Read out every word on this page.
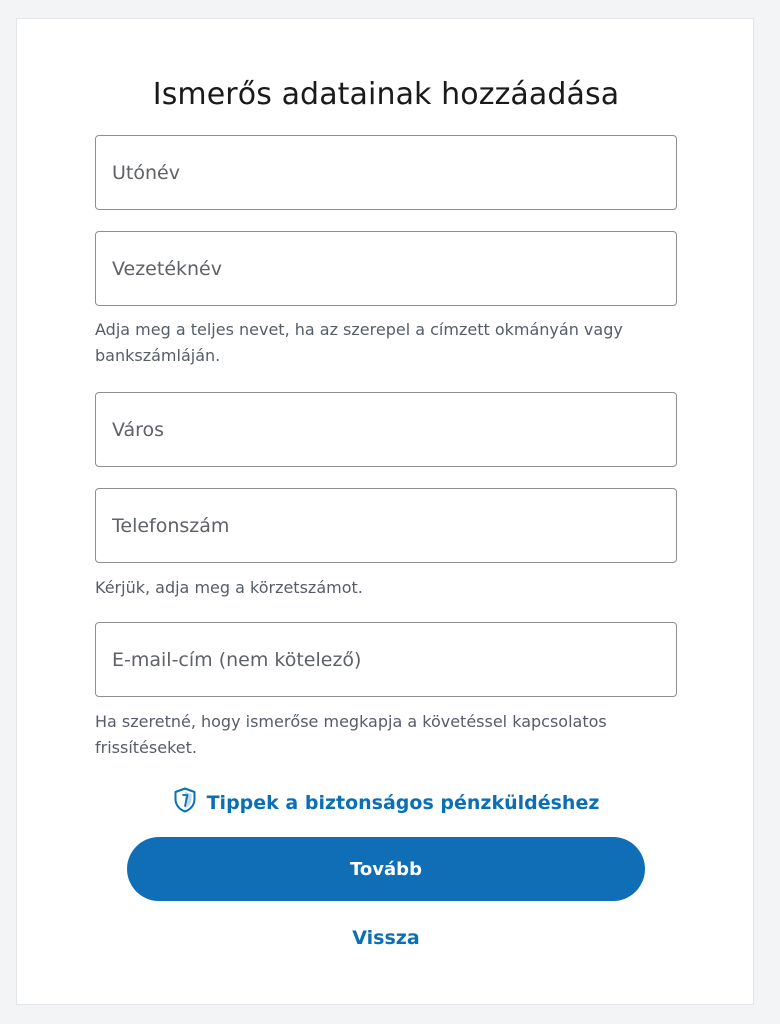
Ismerős adatainak hozzáadása
Utónév
Vezetéknév
Adja meg a teljes nevet, ha az szerepel a címzett okmányán vagy bankszámláján.
Város
Telefonszám
Kérjük, adja meg a körzetszámot.
E-mail-cím (nem kötelező)
Ha szeretné, hogy ismerőse megkapja a követéssel kapcsolatos frissítéseket.
Tippek a biztonságos pénzküldéshez
Tovább
Vissza
